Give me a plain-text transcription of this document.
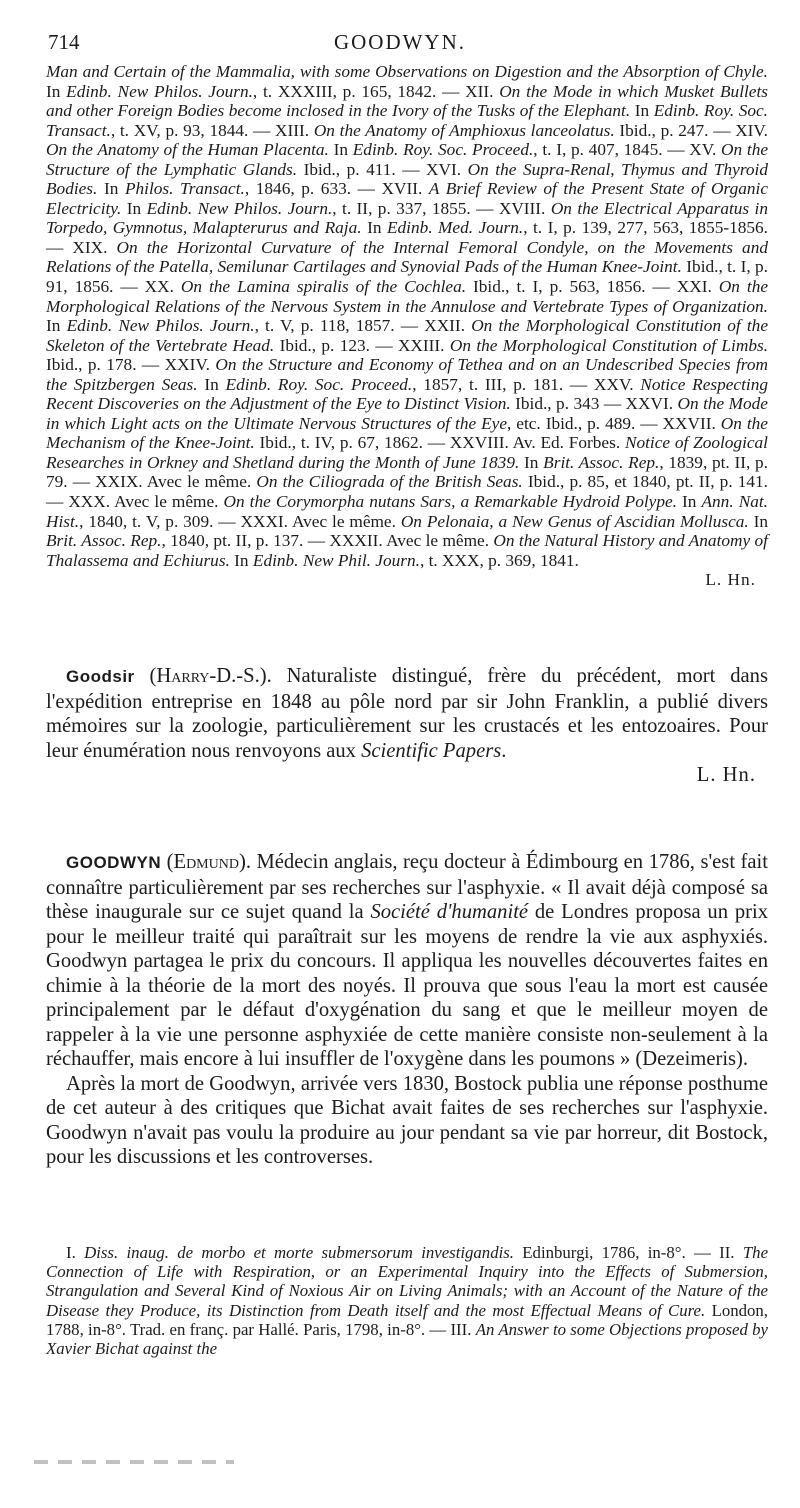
714	GOODWYN.

Man and Certain of the Mammalia, with some Observations on Digestion and the Absorption of Chyle. In Edinb. New Philos. Journ., t. XXXIII, p. 165, 1842. — XII. On the Mode in which Musket Bullets and other Foreign Bodies become inclosed in the Ivory of the Tusks of the Elephant. In Edinb. Roy. Soc. Transact., t. XV, p. 93, 1844. — XIII. On the Anatomy of Amphioxus lanceolatus. Ibid., p. 247. — XIV. On the Anatomy of the Human Placenta. In Edinb. Roy. Soc. Proceed., t. I, p. 407, 1845. — XV. On the Structure of the Lymphatic Glands. Ibid., p. 411. — XVI. On the Supra-Renal, Thymus and Thyroid Bodies. In Philos. Transact., 1846, p. 633. — XVII. A Brief Review of the Present State of Organic Electricity. In Edinb. New Philos. Journ., t. II, p. 337, 1855. — XVIII. On the Electrical Apparatus in Torpedo, Gymnotus, Malapterurus and Raja. In Edinb. Med. Journ., t. I, p. 139, 277, 563, 1855-1856. — XIX. On the Horizontal Curvature of the Internal Femoral Condyle, on the Movements and Relations of the Patella, Semilunar Cartilages and Synovial Pads of the Human Knee-Joint. Ibid., t. I, p. 91, 1856. — XX. On the Lamina spiralis of the Cochlea. Ibid., t. I, p. 563, 1856. — XXI. On the Morphological Relations of the Nervous System in the Annulose and Vertebrate Types of Organization. In Edinb. New Philos. Journ., t. V, p. 118, 1857. — XXII. On the Morphological Constitution of the Skeleton of the Vertebrate Head. Ibid., p. 123. — XXIII. On the Morphological Constitution of Limbs. Ibid., p. 178. — XXIV. On the Structure and Economy of Tethea and on an Undescribed Species from the Spitzbergen Seas. In Edinb. Roy. Soc. Proceed., 1857, t. III, p. 181. — XXV. Notice Respecting Recent Discoveries on the Adjustment of the Eye to Distinct Vision. Ibid., p. 343 — XXVI. On the Mode in which Light acts on the Ultimate Nervous Structures of the Eye, etc. Ibid., p. 489. — XXVII. On the Mechanism of the Knee-Joint. Ibid., t. IV, p. 67, 1862. — XXVIII. Av. Ed. Forbes. Notice of Zoological Researches in Orkney and Shetland during the Month of June 1839. In Brit. Assoc. Rep., 1839, pt. II, p. 79. — XXIX. Avec le même. On the Ciliograda of the British Seas. Ibid., p. 85, et 1840, pt. II, p. 141. — XXX. Avec le même. On the Corymorpha nutans Sars, a Remarkable Hydroid Polype. In Ann. Nat. Hist., 1840, t. V, p. 309. — XXXI. Avec le même. On Pelonaia, a New Genus of Ascidian Mollusca. In Brit. Assoc. Rep., 1840, pt. II, p. 137. — XXXII. Avec le même. On the Natural History and Anatomy of Thalassema and Echiurus. In Edinb. New Phil. Journ., t. XXX, p. 369, 1841.

L. Hn.

Goodsir (Harry-D.-S.). Naturaliste distingué, frère du précédent, mort dans l'expédition entreprise en 1848 au pôle nord par sir John Franklin, a publié divers mémoires sur la zoologie, particulièrement sur les crustacés et les entozoaires. Pour leur énumération nous renvoyons aux Scientific Papers.

L. Hn.

GOODWYN (Edmund). Médecin anglais, reçu docteur à Édimbourg en 1786, s'est fait connaître particulièrement par ses recherches sur l'asphyxie. « Il avait déjà composé sa thèse inaugurale sur ce sujet quand la Société d'humanité de Londres proposa un prix pour le meilleur traité qui paraîtrait sur les moyens de rendre la vie aux asphyxiés. Goodwyn partagea le prix du concours. Il appliqua les nouvelles découvertes faites en chimie à la théorie de la mort des noyés. Il prouva que sous l'eau la mort est causée principalement par le défaut d'oxygénation du sang et que le meilleur moyen de rappeler à la vie une personne asphyxiée de cette manière consiste non-seulement à la réchauffer, mais encore à lui insuffler de l'oxygène dans les poumons » (Dezeimeris).

Après la mort de Goodwyn, arrivée vers 1830, Bostock publia une réponse posthume de cet auteur à des critiques que Bichat avait faites de ses recherches sur l'asphyxie. Goodwyn n'avait pas voulu la produire au jour pendant sa vie par horreur, dit Bostock, pour les discussions et les controverses.

I. Diss. inaug. de morbo et morte submersorum investigandis. Edinburgi, 1786, in-8°. — II. The Connection of Life with Respiration, or an Experimental Inquiry into the Effects of Submersion, Strangulation and Several Kind of Noxious Air on Living Animals; with an Account of the Nature of the Disease they Produce, its Distinction from Death itself and the most Effectual Means of Cure. London, 1788, in-8°. Trad. en franç. par Hallé. Paris, 1798, in-8°. — III. An Answer to some Objections proposed by Xavier Bichat against the
